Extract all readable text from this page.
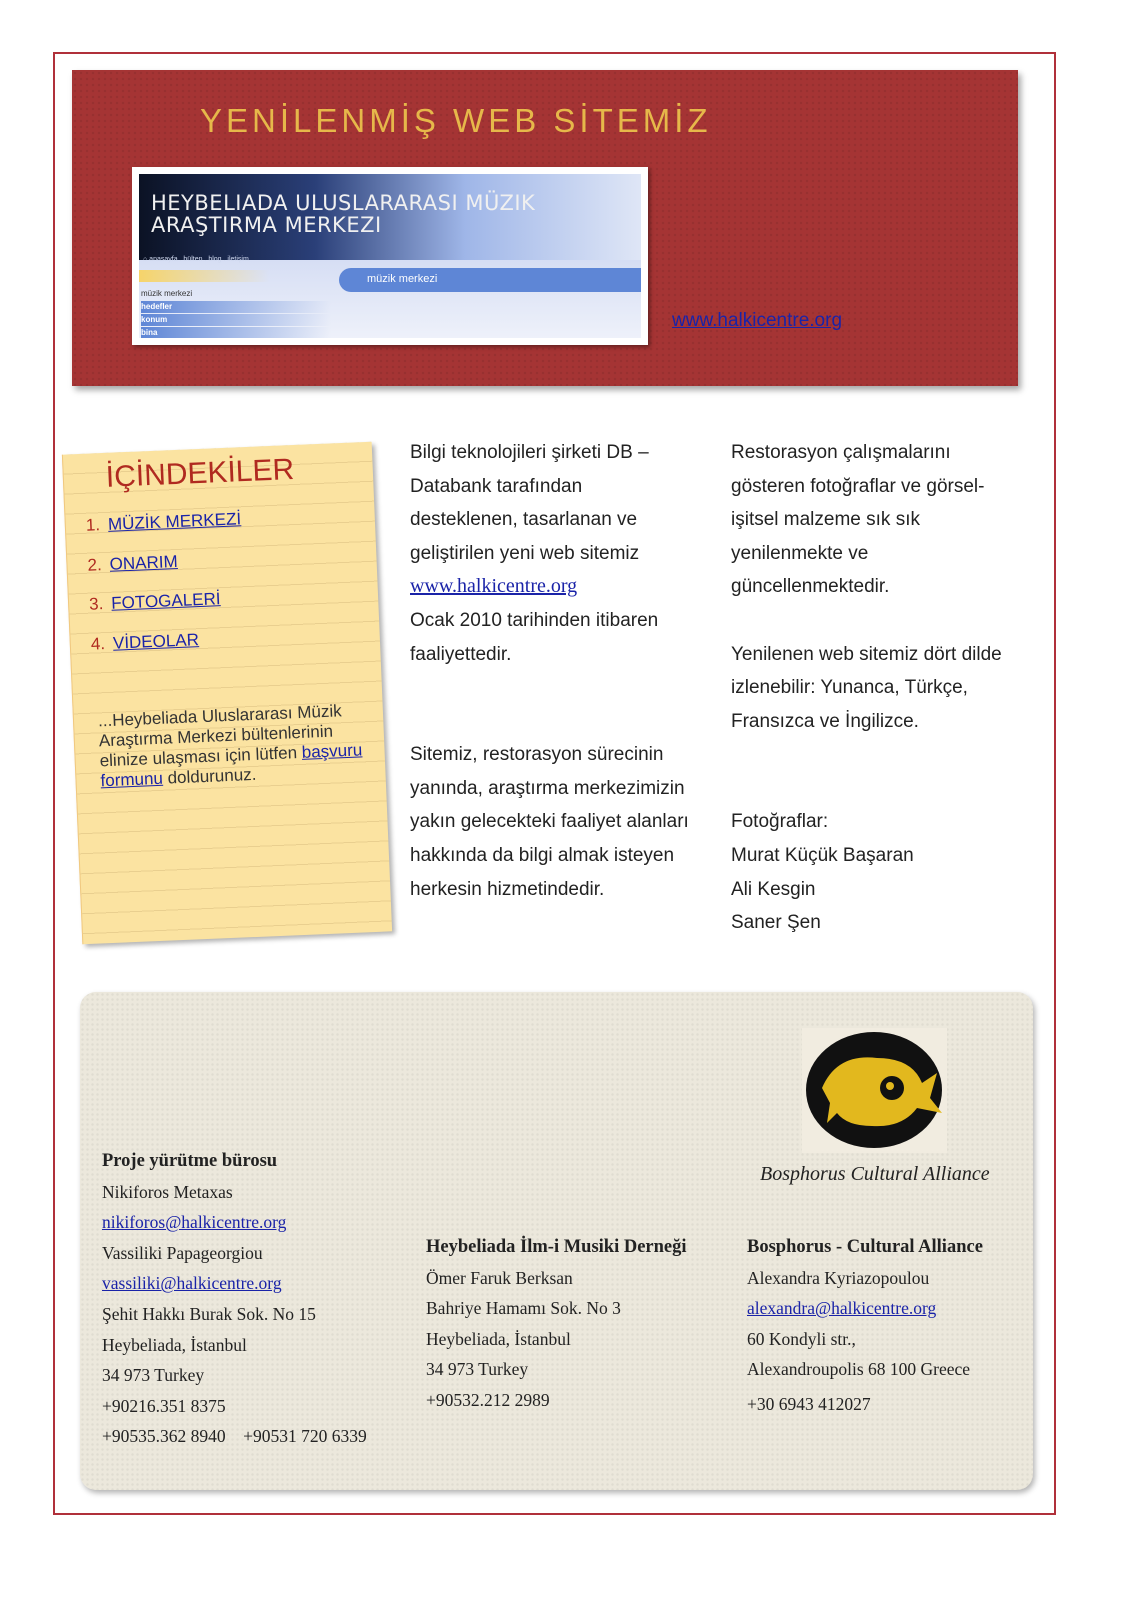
YENİLENMİŞ WEB SİTEMİZ
HEYBELIADA ULUSLARARASI MÜZIK
ARAŞTIRMA MERKEZI
⌂ anasayfa . bülten . blog . iletişim
müzik merkezi
müzik merkezi
hedefler
konum
bina
www.halkicentre.org
İÇİNDEKİLER
1. MÜZİK MERKEZİ
2. ONARIM
3. FOTOGALERİ
4. VİDEOLAR
...Heybeliada Uluslararası Müzik Araştırma Merkezi bültenlerinin elinize ulaşması için lütfen başvuru formunu doldurunuz.
Bilgi teknolojileri şirketi DB –
Databank tarafından
desteklenen, tasarlanan ve
geliştirilen yeni web sitemiz
www.halkicentre.org
Ocak 2010 tarihinden itibaren
faaliyettedir.
Sitemiz, restorasyon sürecinin
yanında, araştırma merkezimizin
yakın gelecekteki faaliyet alanları
hakkında da bilgi almak isteyen
herkesin hizmetindedir.
Restorasyon çalışmalarını
gösteren fotoğraflar ve görsel-
işitsel malzeme sık sık
yenilenmekte ve
güncellenmektedir.
Yenilenen web sitemiz dört dilde
izlenebilir: Yunanca, Türkçe,
Fransızca ve İngilizce.
Fotoğraflar:
Murat Küçük Başaran
Ali Kesgin
Saner Şen
Bosphorus Cultural Alliance
Proje yürütme bürosu
Nikiforos Metaxas
nikiforos@halkicentre.org
Vassiliki Papageorgiou
vassiliki@halkicentre.org
Şehit Hakkı Burak Sok. No 15
Heybeliada, İstanbul
34 973 Turkey
+90216.351 8375
+90535.362 8940    +90531 720 6339
Heybeliada İlm-i Musiki Derneği
Ömer Faruk Berksan
Bahriye Hamamı Sok. No 3
Heybeliada, İstanbul
34 973 Turkey
+90532.212 2989
Bosphorus - Cultural Alliance
Alexandra Kyriazopoulou
alexandra@halkicentre.org
60 Kondyli str.,
Alexandroupolis 68 100 Greece
+30 6943 412027
